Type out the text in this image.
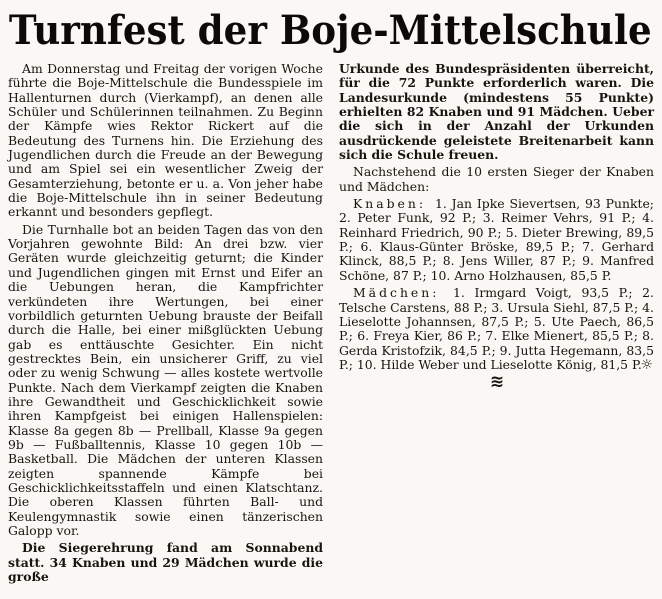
Turnfest der Boje-Mittelschule

Am Donnerstag und Freitag der vorigen Woche führte die Boje-Mittelschule die Bundesspiele im Hallenturnen durch (Vierkampf), an denen alle Schüler und Schülerinnen teilnahmen. Zu Beginn der Kämpfe wies Rektor Rickert auf die Bedeutung des Turnens hin. Die Erziehung des Jugendlichen durch die Freude an der Bewegung und am Spiel sei ein wesentlicher Zweig der Gesamterziehung, betonte er u. a. Von jeher habe die Boje-Mittelschule ihn in seiner Bedeutung erkannt und besonders gepflegt.

Die Turnhalle bot an beiden Tagen das von den Vorjahren gewohnte Bild: An drei bzw. vier Geräten wurde gleichzeitig geturnt; die Kinder und Jugendlichen gingen mit Ernst und Eifer an die Uebungen heran, die Kampfrichter verkündeten ihre Wertungen, bei einer vorbildlich geturnten Uebung brauste der Beifall durch die Halle, bei einer mißglückten Uebung gab es enttäuschte Gesichter. Ein nicht gestrecktes Bein, ein unsicherer Griff, zu viel oder zu wenig Schwung — alles kostete wertvolle Punkte. Nach dem Vierkampf zeigten die Knaben ihre Gewandtheit und Geschicklichkeit sowie ihren Kampfgeist bei einigen Hallenspielen: Klasse 8a gegen 8b — Prellball, Klasse 9a gegen 9b — Fußballtennis, Klasse 10 gegen 10b — Basketball. Die Mädchen der unteren Klassen zeigten spannende Kämpfe bei Geschicklichkeitsstaffeln und einen Klatschtanz. Die oberen Klassen führten Ball- und Keulengymnastik sowie einen tänzerischen Galopp vor.

Die Siegerehrung fand am Sonnabend statt. 34 Knaben und 29 Mädchen wurde die große

Urkunde des Bundespräsidenten überreicht, für die 72 Punkte erforderlich waren. Die Landesurkunde (mindestens 55 Punkte) erhielten 82 Knaben und 91 Mädchen. Ueber die sich in der Anzahl der Urkunden ausdrückende geleistete Breitenarbeit kann sich die Schule freuen.

Nachstehend die 10 ersten Sieger der Knaben und Mädchen:

Knaben: 1. Jan Ipke Sievertsen, 93 Punkte; 2. Peter Funk, 92 P.; 3. Reimer Vehrs, 91 P.; 4. Reinhard Friedrich, 90 P.; 5. Dieter Brewing, 89,5 P.; 6. Klaus-Günter Bröske, 89,5 P.; 7. Gerhard Klinck, 88,5 P.; 8. Jens Willer, 87 P.; 9. Manfred Schöne, 87 P.; 10. Arno Holzhausen, 85,5 P.

Mädchen: 1. Irmgard Voigt, 93,5 P.; 2. Telsche Carstens, 88 P.; 3. Ursula Siehl, 87,5 P.; 4. Lieselotte Johannsen, 87,5 P.; 5. Ute Paech, 86,5 P.; 6. Freya Kier, 86 P.; 7. Elke Mienert, 85,5 P.; 8. Gerda Kristofzik, 84,5 P.; 9. Jutta Hegemann, 83,5 P.; 10. Hilde Weber und Lieselotte König, 81,5 P.
☼

≋
